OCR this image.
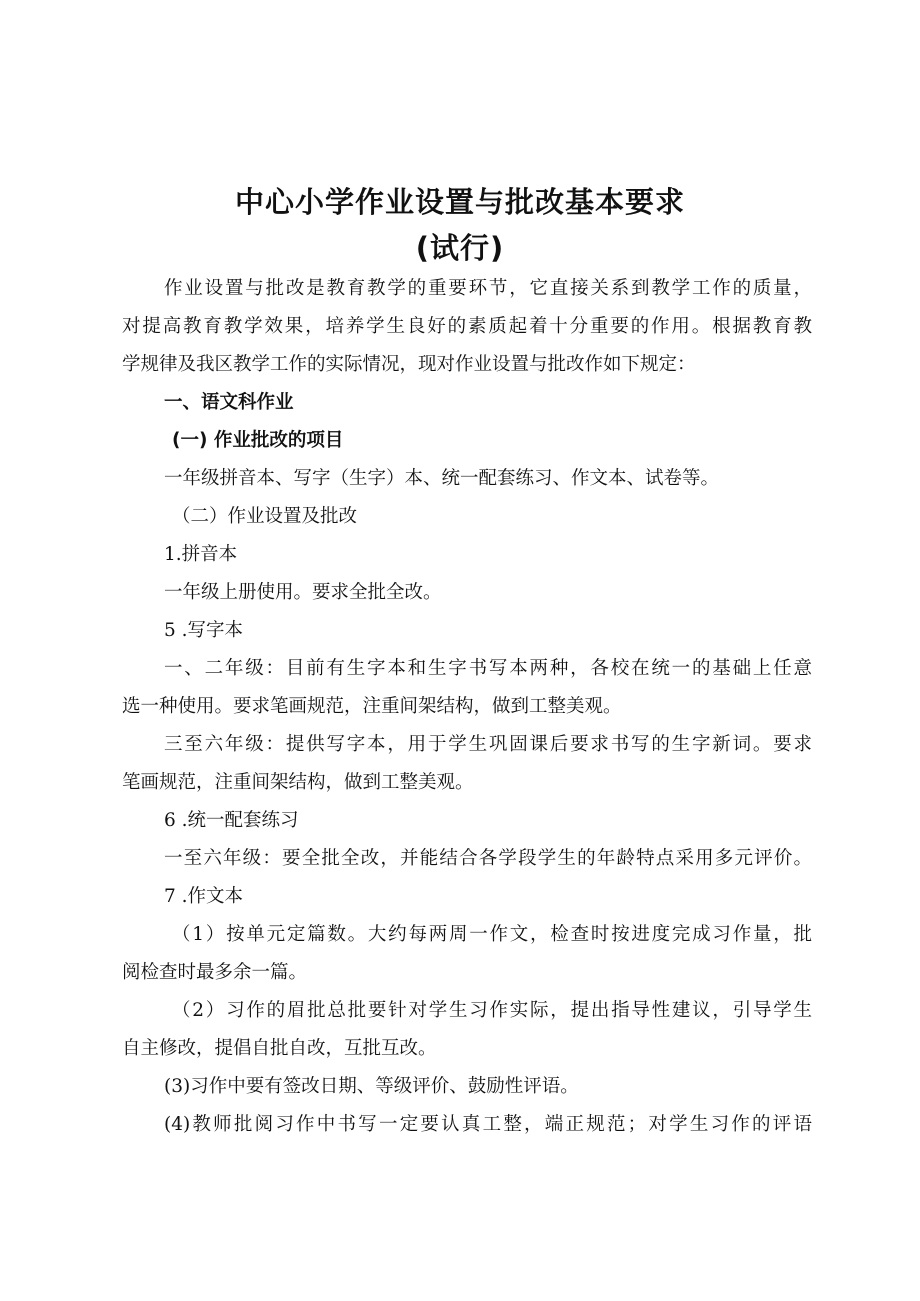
中心小学作业设置与批改基本要求
(试行)

作业设置与批改是教育教学的重要环节，它直接关系到教学工作的质量，

对提高教育教学效果，培养学生良好的素质起着十分重要的作用。根据教育教

学规律及我区教学工作的实际情况，现对作业设置与批改作如下规定：

一、语文科作业

(一) 作业批改的项目

一年级拼音本、写字（生字）本、统一配套练习、作文本、试卷等。

（二）作业设置及批改

1.拼音本

一年级上册使用。要求全批全改。

5 .写字本

一、二年级：目前有生字本和生字书写本两种，各校在统一的基础上任意

选一种使用。要求笔画规范，注重间架结构，做到工整美观。

三至六年级：提供写字本，用于学生巩固课后要求书写的生字新词。要求

笔画规范，注重间架结构，做到工整美观。

6 .统一配套练习

一至六年级：要全批全改，并能结合各学段学生的年龄特点采用多元评价。

7 .作文本

（1）按单元定篇数。大约每两周一作文，检查时按进度完成习作量，批

阅检查时最多余一篇。

（2）习作的眉批总批要针对学生习作实际，提出指导性建议，引导学生

自主修改，提倡自批自改，互批互改。

(3)习作中要有签改日期、等级评价、鼓励性评语。

(4)教师批阅习作中书写一定要认真工整，端正规范；对学生习作的评语
